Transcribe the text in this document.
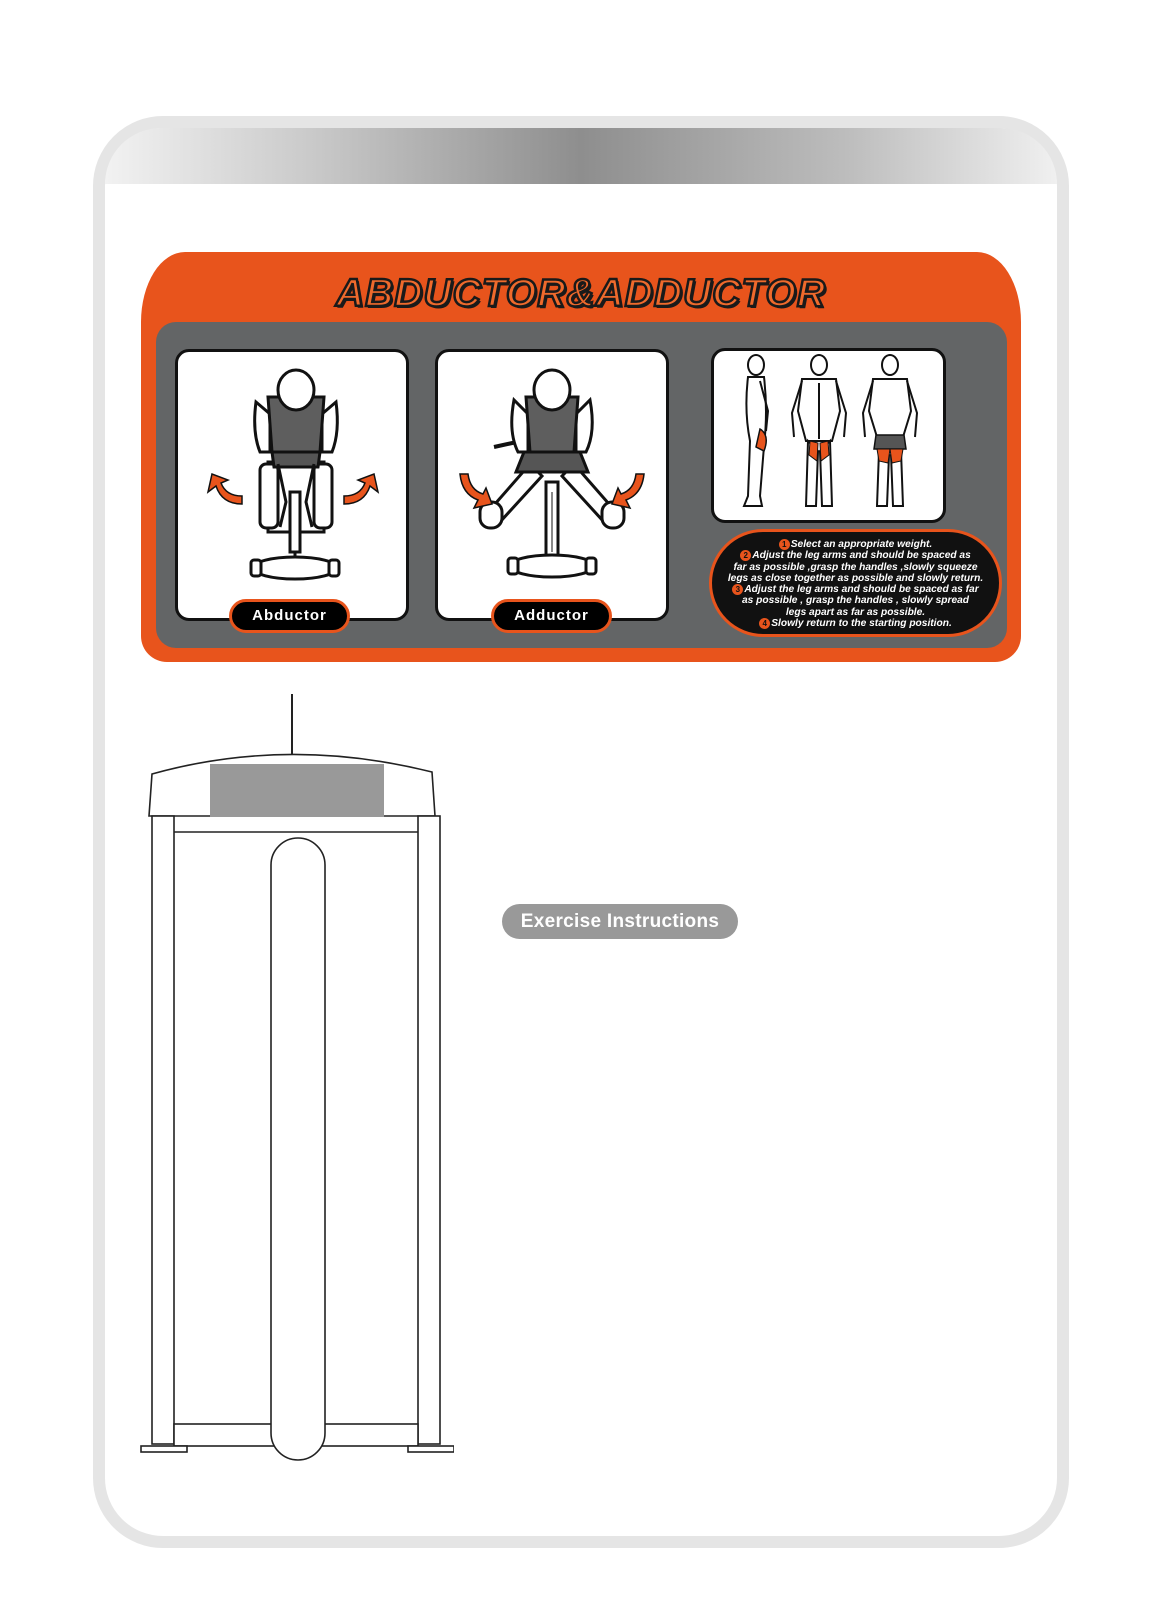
ABDUCTOR&ADDUCTOR
Abductor	Adductor
1 Select an appropriate weight.
2 Adjust the leg arms and should be spaced as
far as possible ,grasp the handles ,slowly squeeze
legs as close together as possible and slowly return.
3 Adjust the leg arms and should be spaced as far
as possible , grasp the handles , slowly spread
legs apart as far as possible.
4 Slowly return to the starting position.
Exercise Instructions
